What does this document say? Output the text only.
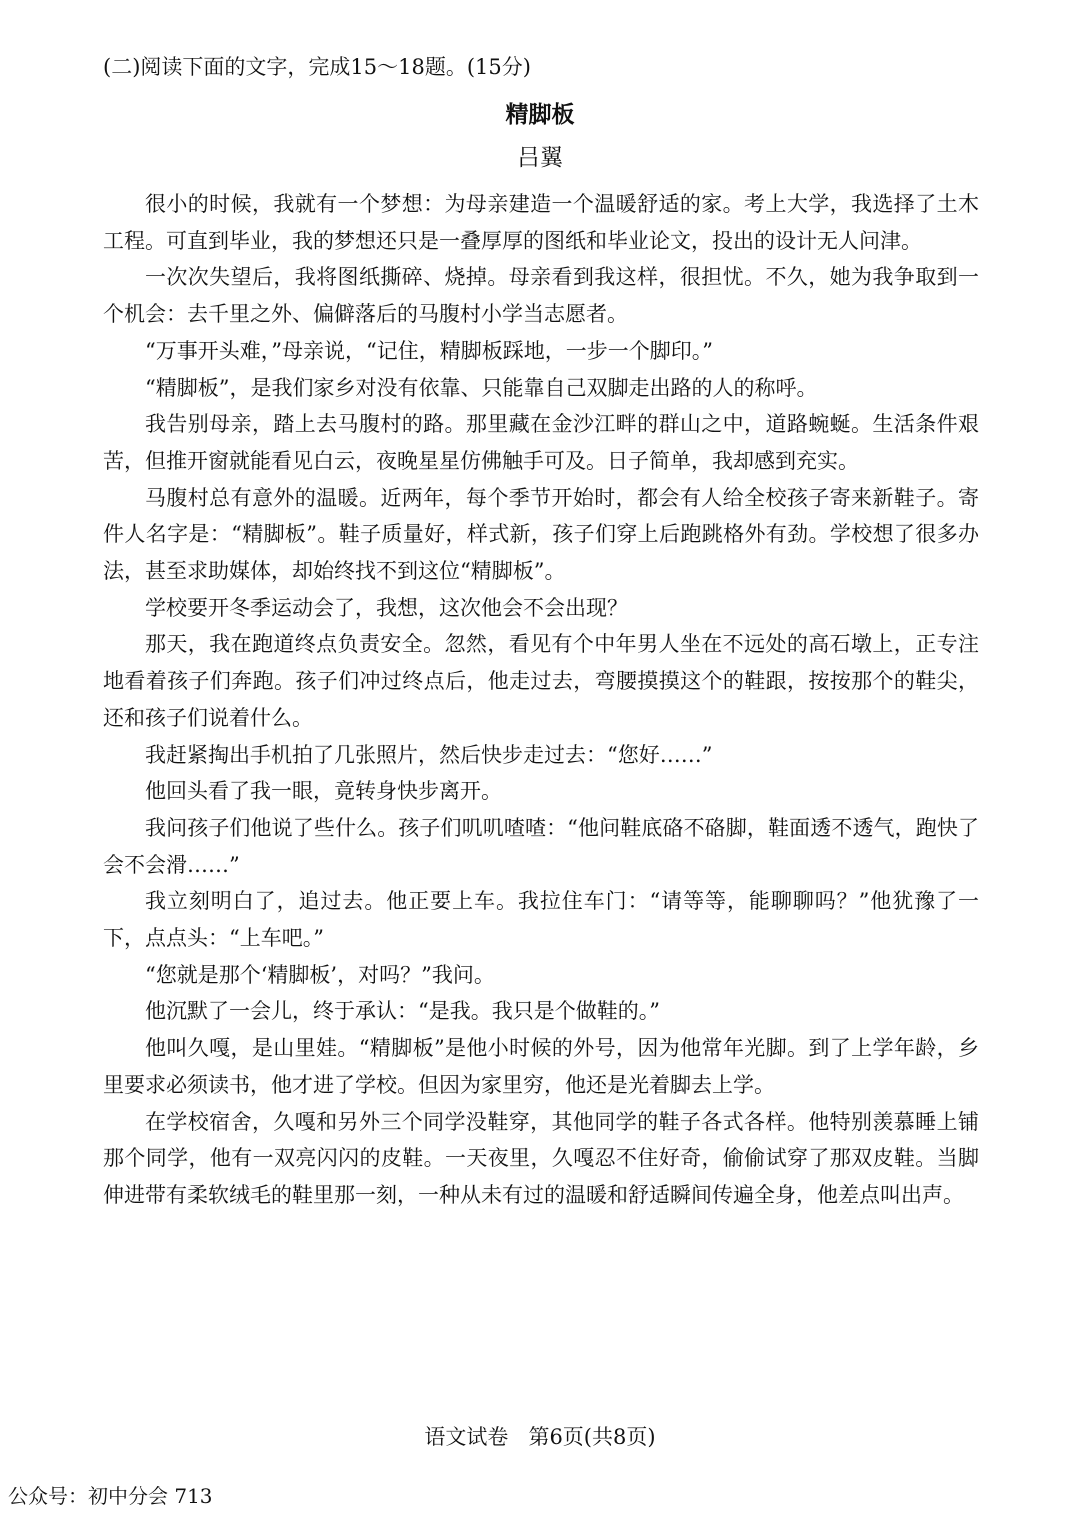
(二)阅读下面的文字，完成15～18题。(15分)
精脚板
吕翼

很小的时候，我就有一个梦想：为母亲建造一个温暖舒适的家。考上大学，我选择了土木工程。可直到毕业，我的梦想还只是一叠厚厚的图纸和毕业论文，投出的设计无人问津。

一次次失望后，我将图纸撕碎、烧掉。母亲看到我这样，很担忧。不久，她为我争取到一个机会：去千里之外、偏僻落后的马腹村小学当志愿者。

“万事开头难，”母亲说，“记住，精脚板踩地，一步一个脚印。”

“精脚板”，是我们家乡对没有依靠、只能靠自己双脚走出路的人的称呼。

我告别母亲，踏上去马腹村的路。那里藏在金沙江畔的群山之中，道路蜿蜒。生活条件艰苦，但推开窗就能看见白云，夜晚星星仿佛触手可及。日子简单，我却感到充实。

马腹村总有意外的温暖。近两年，每个季节开始时，都会有人给全校孩子寄来新鞋子。寄件人名字是：“精脚板”。鞋子质量好，样式新，孩子们穿上后跑跳格外有劲。学校想了很多办法，甚至求助媒体，却始终找不到这位“精脚板”。

学校要开冬季运动会了，我想，这次他会不会出现？

那天，我在跑道终点负责安全。忽然，看见有个中年男人坐在不远处的高石墩上，正专注地看着孩子们奔跑。孩子们冲过终点后，他走过去，弯腰摸摸这个的鞋跟，按按那个的鞋尖，还和孩子们说着什么。

我赶紧掏出手机拍了几张照片，然后快步走过去：“您好……”

他回头看了我一眼，竟转身快步离开。

我问孩子们他说了些什么。孩子们叽叽喳喳：“他问鞋底硌不硌脚，鞋面透不透气，跑快了会不会滑……”

我立刻明白了，追过去。他正要上车。我拉住车门：“请等等，能聊聊吗？”他犹豫了一下，点点头：“上车吧。”

“您就是那个‘精脚板’，对吗？”我问。

他沉默了一会儿，终于承认：“是我。我只是个做鞋的。”

他叫久嘎，是山里娃。“精脚板”是他小时候的外号，因为他常年光脚。到了上学年龄，乡里要求必须读书，他才进了学校。但因为家里穷，他还是光着脚去上学。

在学校宿舍，久嘎和另外三个同学没鞋穿，其他同学的鞋子各式各样。他特别羡慕睡上铺那个同学，他有一双亮闪闪的皮鞋。一天夜里，久嘎忍不住好奇，偷偷试穿了那双皮鞋。当脚伸进带有柔软绒毛的鞋里那一刻，一种从未有过的温暖和舒适瞬间传遍全身，他差点叫出声。

语文试卷   第6页(共8页)
公众号：初中分会 713
